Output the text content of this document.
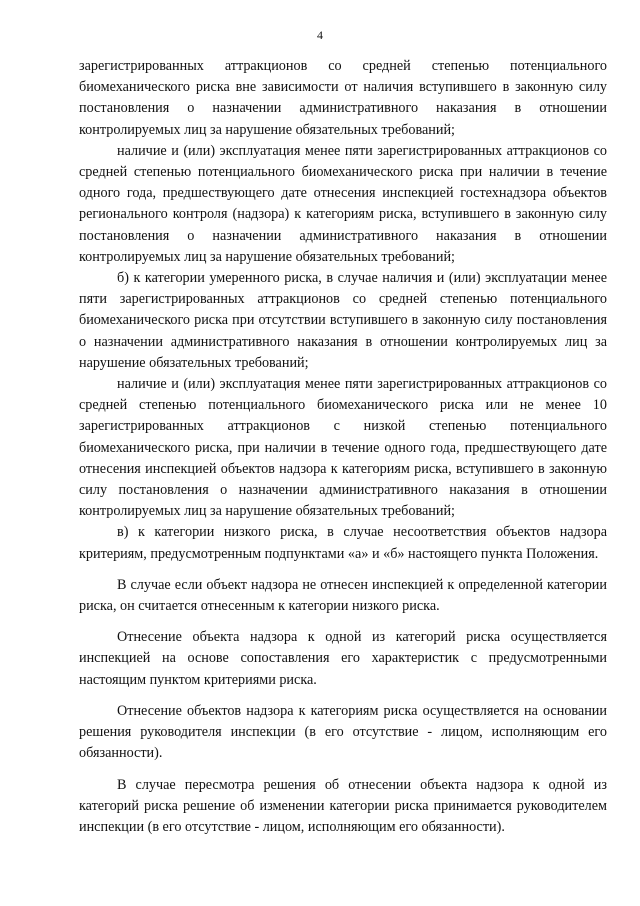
4

зарегистрированных аттракционов со средней степенью потенциального биомеханического риска вне зависимости от наличия вступившего в законную силу постановления о назначении административного наказания в отношении контролируемых лиц за нарушение обязательных требований;

наличие и (или) эксплуатация менее пяти зарегистрированных аттракционов со средней степенью потенциального биомеханического риска при наличии в течение одного года, предшествующего дате отнесения инспекцией гостехнадзора объектов регионального контроля (надзора) к категориям риска, вступившего в законную силу постановления о назначении административного наказания в отношении контролируемых лиц за нарушение обязательных требований;

б) к категории умеренного риска, в случае наличия и (или) эксплуатации менее пяти зарегистрированных аттракционов со средней степенью потенциального биомеханического риска при отсутствии вступившего в законную силу постановления о назначении административного наказания в отношении контролируемых лиц за нарушение обязательных требований;

наличие и (или) эксплуатация менее пяти зарегистрированных аттракционов со средней степенью потенциального биомеханического риска или не менее 10 зарегистрированных аттракционов с низкой степенью потенциального биомеханического риска, при наличии в течение одного года, предшествующего дате отнесения инспекцией объектов надзора к категориям риска, вступившего в законную силу постановления о назначении административного наказания в отношении контролируемых лиц за нарушение обязательных требований;

в) к категории низкого риска, в случае несоответствия объектов надзора критериям, предусмотренным подпунктами «а» и «б» настоящего пункта Положения.

В случае если объект надзора не отнесен инспекцией к определенной категории риска, он считается отнесенным к категории низкого риска.

Отнесение объекта надзора к одной из категорий риска осуществляется инспекцией на основе сопоставления его характеристик с предусмотренными настоящим пунктом критериями риска.

Отнесение объектов надзора к категориям риска осуществляется на основании решения руководителя инспекции (в его отсутствие - лицом, исполняющим его обязанности).

В случае пересмотра решения об отнесении объекта надзора к одной из категорий риска решение об изменении категории риска принимается руководителем инспекции (в его отсутствие - лицом, исполняющим его обязанности).
